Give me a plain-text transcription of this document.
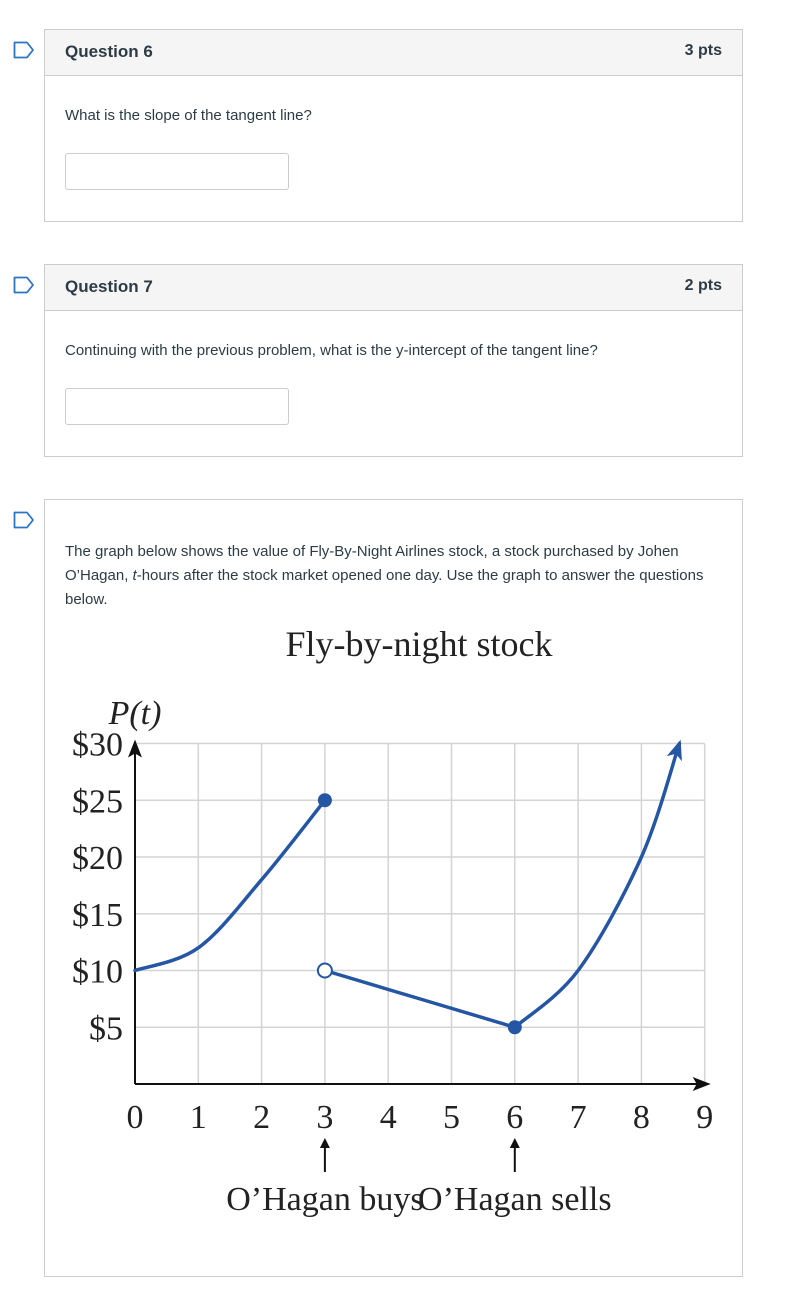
Question 6	3 pts
What is the slope of the tangent line?
Question 7	2 pts
Continuing with the previous problem, what is the y-intercept of the tangent line?
The graph below shows the value of Fly-By-Night Airlines stock, a stock purchased by Johen O’Hagan, t-hours after the stock market opened one day. Use the graph to answer the questions below.
Fly-by-night stock
P(t)
$5
$10
$15
$20
$25
$30
0 1 2 3 4 5 6 7 8 9
O’Hagan buys
O’Hagan sells
